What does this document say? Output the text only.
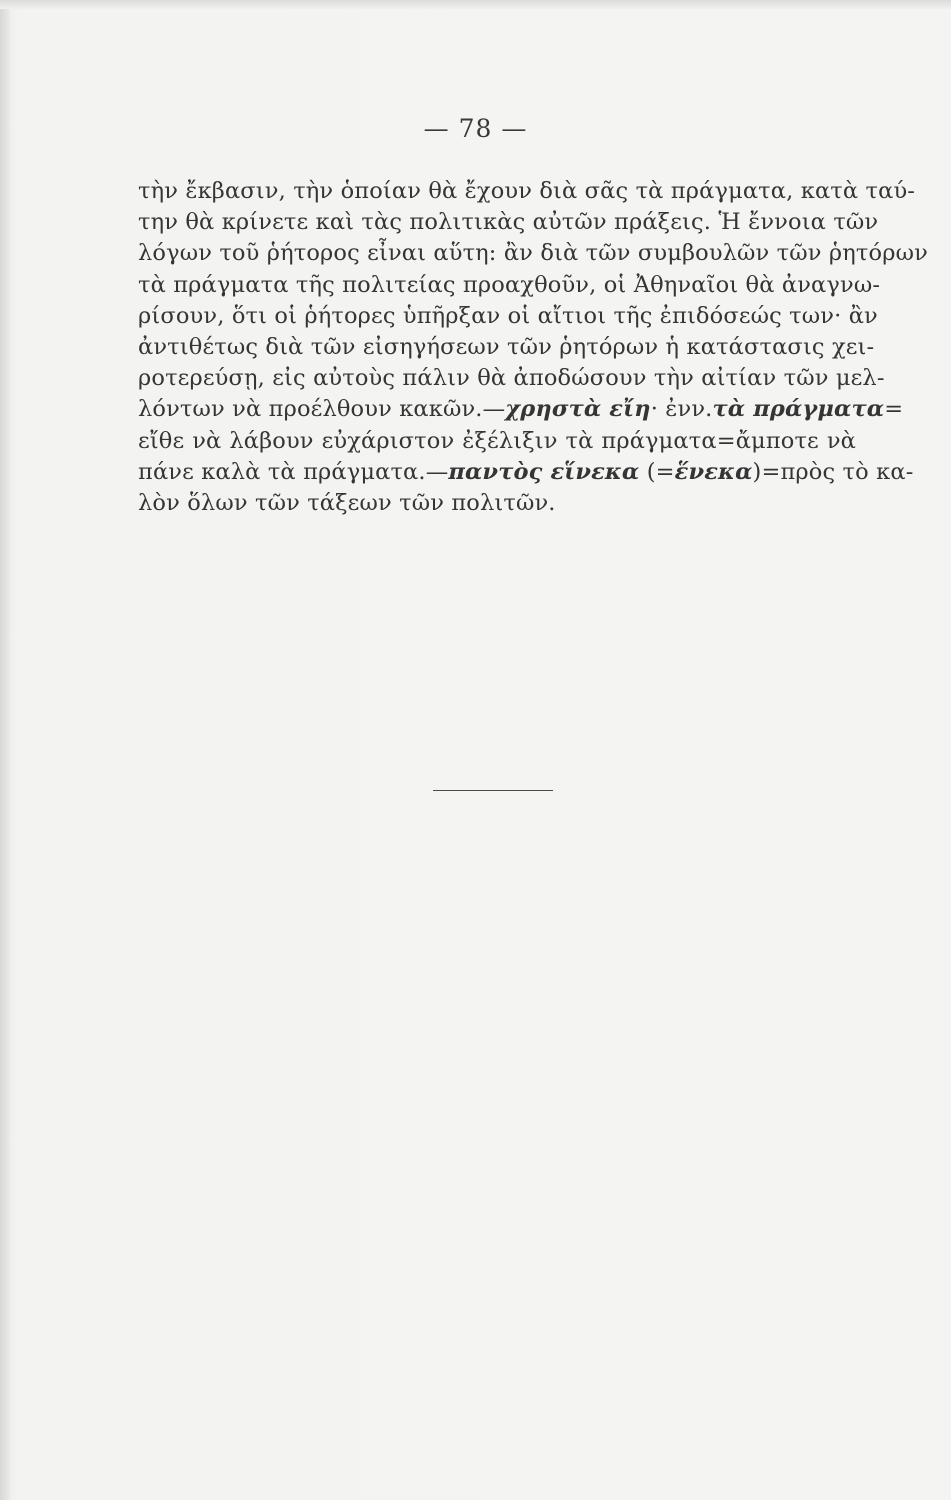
— 78 —
τὴν ἔκβασιν, τὴν ὁποίαν θὰ ἔχουν διὰ σᾶς τὰ πράγματα, κατὰ ταύ-
την θὰ κρίνετε καὶ τὰς πολιτικὰς αὐτῶν πράξεις. Ἡ ἔννοια τῶν
λόγων τοῦ ῥήτορος εἶναι αὕτη: ἂν διὰ τῶν συμβουλῶν τῶν ῥητόρων
τὰ πράγματα τῆς πολιτείας προαχθοῦν, οἱ Ἀθηναῖοι θὰ ἀναγνω-
ρίσουν, ὅτι οἱ ῥήτορες ὑπῆρξαν οἱ αἴτιοι τῆς ἐπιδόσεώς των· ἂν
ἀντιθέτως διὰ τῶν εἰσηγήσεων τῶν ῥητόρων ἡ κατάστασις χει-
ροτερεύσῃ, εἰς αὐτοὺς πάλιν θὰ ἀποδώσουν τὴν αἰτίαν τῶν μελ-
λόντων νὰ προέλθουν κακῶν.—χρηστὰ εἴη· ἐνν.τὰ πράγματα=
εἴθε νὰ λάβουν εὐχάριστον ἐξέλιξιν τὰ πράγματα=ἄμποτε νὰ
πάνε καλὰ τὰ πράγματα.—παντὸς εἵνεκα (=ἕνεκα)=πρὸς τὸ κα-
λὸν ὅλων τῶν τάξεων τῶν πολιτῶν.
